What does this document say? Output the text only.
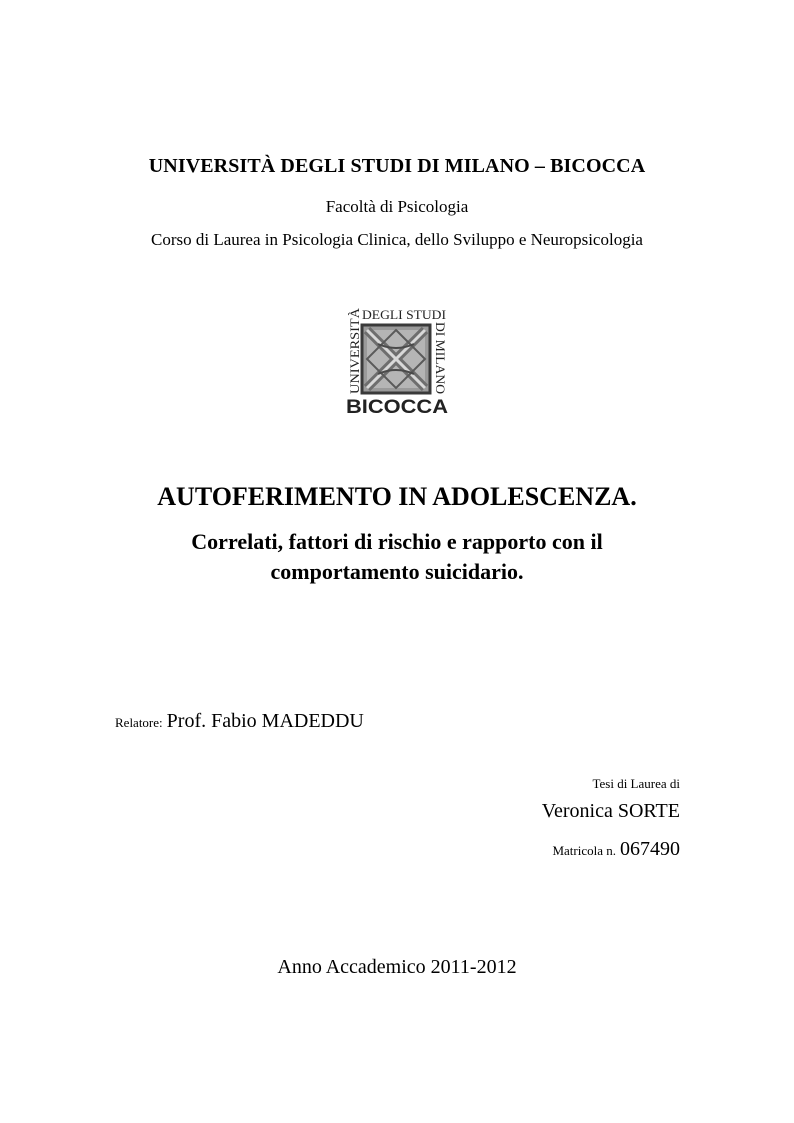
UNIVERSITÀ DEGLI STUDI DI MILANO – BICOCCA
Facoltà di Psicologia
Corso di Laurea in Psicologia Clinica, dello Sviluppo e Neuropsicologia
UNIVERSITÀ
DEGLI STUDI
DI MILANO
BICOCCA
AUTOFERIMENTO IN ADOLESCENZA.
Correlati, fattori di rischio e rapporto con il
comportamento suicidario.
Relatore: Prof. Fabio MADEDDU
Tesi di Laurea di
Veronica SORTE
Matricola n. 067490
Anno Accademico 2011-2012
